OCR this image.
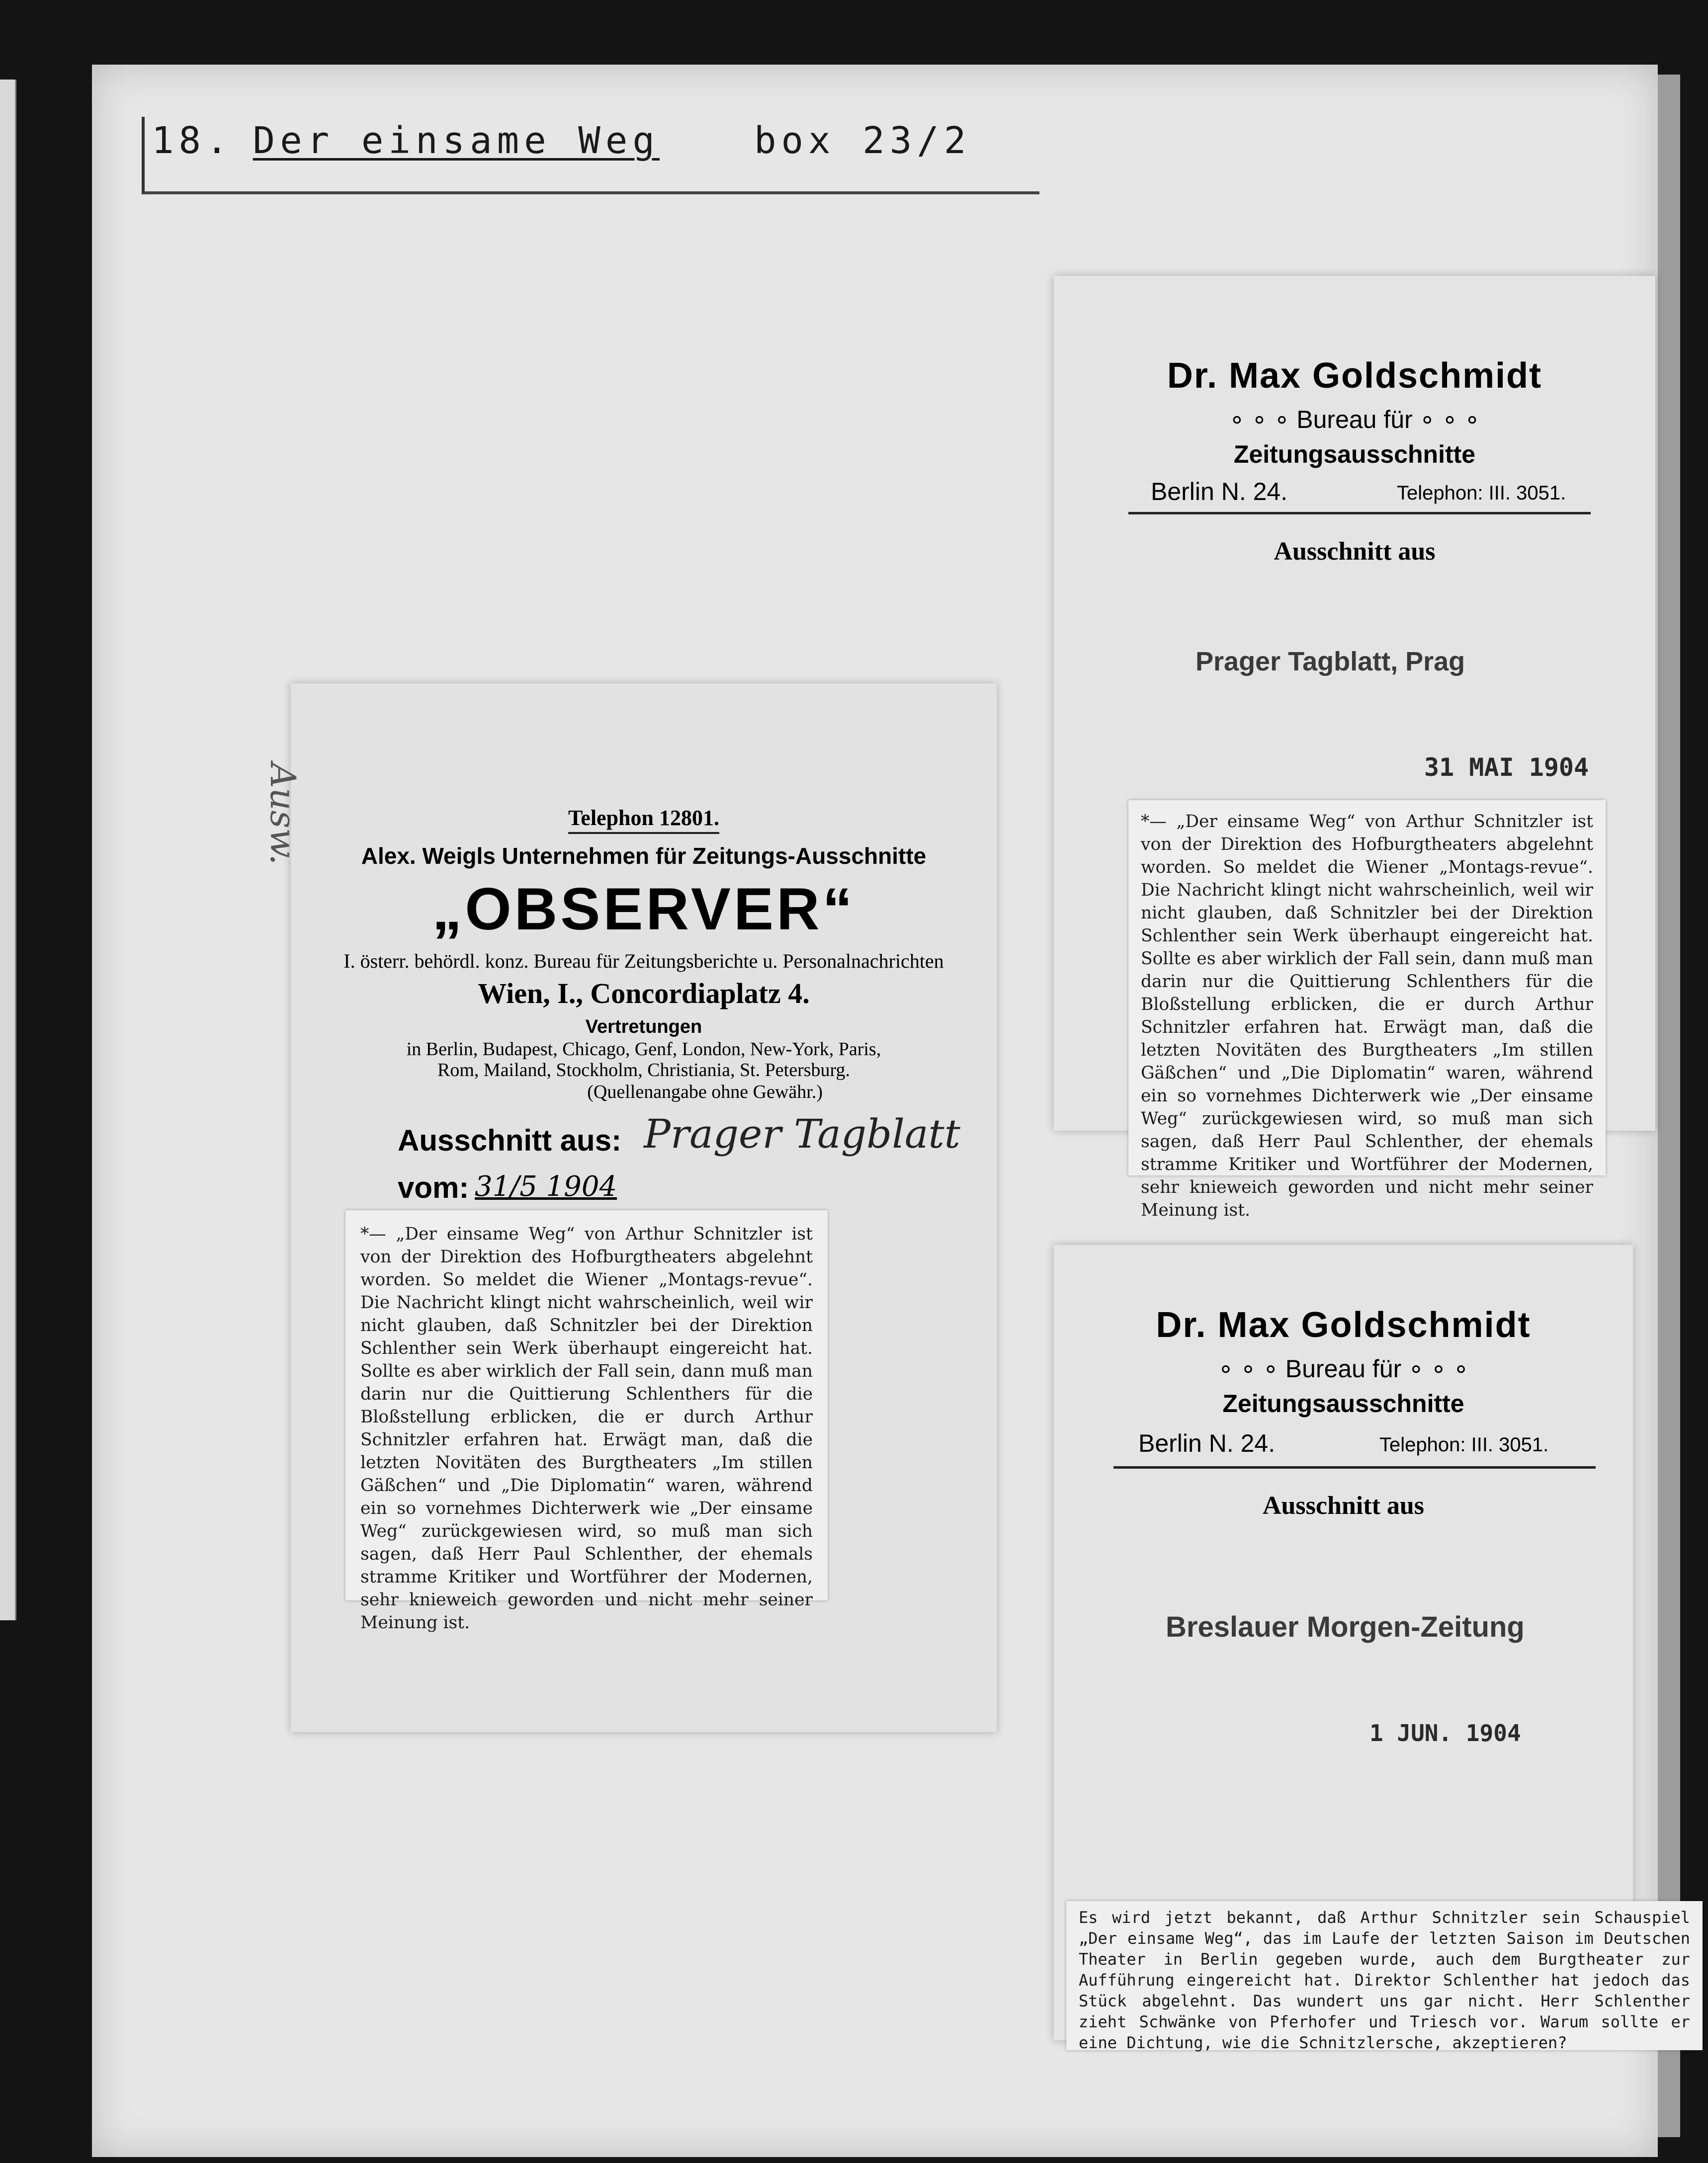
18. Der einsame Weg	box 23/2
Ausw.	Telephon 12801.
Alex. Weigls Unternehmen für Zeitungs-Ausschnitte
„OBSERVER“
I. österr. behördl. konz. Bureau für Zeitungsberichte u. Personalnachrichten
Wien, I., Concordiaplatz 4.
Vertretungen
in Berlin, Budapest, Chicago, Genf, London, New-York, Paris, Rom, Mailand, Stockholm, Christiania, St. Petersburg.
(Quellenangabe ohne Gewähr.)
Ausschnitt aus: Prager Tagblatt
vom: 31/5 1904
*— „Der einsame Weg“ von Arthur Schnitzler ist von der Direktion des Hofburgtheaters abgelehnt worden. So meldet die Wiener „Montags-revue“. Die Nachricht klingt nicht wahrscheinlich, weil wir nicht glauben, daß Schnitzler bei der Direktion Schlenther sein Werk überhaupt eingereicht hat. Sollte es aber wirklich der Fall sein, dann muß man darin nur die Quittierung Schlenthers für die Bloßstellung erblicken, die er durch Arthur Schnitzler erfahren hat. Erwägt man, daß die letzten Novitäten des Burgtheaters „Im stillen Gäßchen“ und „Die Diplomatin“ waren, während ein so vornehmes Dichterwerk wie „Der einsame Weg“ zurückgewiesen wird, so muß man sich sagen, daß Herr Paul Schlenther, der ehemals stramme Kritiker und Wortführer der Modernen, sehr knieweich geworden und nicht mehr seiner Meinung ist.
Dr. Max Goldschmidt
∘ ∘ ∘ Bureau für ∘ ∘ ∘
Zeitungsausschnitte
Berlin N. 24.	Telephon: III. 3051.
Ausschnitt aus
Prager Tagblatt, Prag
31 MAI 1904
*— „Der einsame Weg“ von Arthur Schnitzler ist von der Direktion des Hofburgtheaters abgelehnt worden. So meldet die Wiener „Montags-revue“. Die Nachricht klingt nicht wahrscheinlich, weil wir nicht glauben, daß Schnitzler bei der Direktion Schlenther sein Werk überhaupt eingereicht hat. Sollte es aber wirklich der Fall sein, dann muß man darin nur die Quittierung Schlenthers für die Bloßstellung erblicken, die er durch Arthur Schnitzler erfahren hat. Erwägt man, daß die letzten Novitäten des Burgtheaters „Im stillen Gäßchen“ und „Die Diplomatin“ waren, während ein so vornehmes Dichterwerk wie „Der einsame Weg“ zurückgewiesen wird, so muß man sich sagen, daß Herr Paul Schlenther, der ehemals stramme Kritiker und Wortführer der Modernen, sehr knieweich geworden und nicht mehr seiner Meinung ist.
Dr. Max Goldschmidt
∘ ∘ ∘ Bureau für ∘ ∘ ∘
Zeitungsausschnitte
Berlin N. 24.	Telephon: III. 3051.
Ausschnitt aus
Breslauer Morgen-Zeitung
1 JUN. 1904
Es wird jetzt bekannt, daß Arthur Schnitzler sein Schauspiel „Der einsame Weg“, das im Laufe der letzten Saison im Deutschen Theater in Berlin gegeben wurde, auch dem Burgtheater zur Aufführung eingereicht hat. Direktor Schlenther hat jedoch das Stück abgelehnt. Das wundert uns gar nicht. Herr Schlenther zieht Schwänke von Pferhofer und Triesch vor. Warum sollte er eine Dichtung, wie die Schnitzlersche, akzeptieren?
